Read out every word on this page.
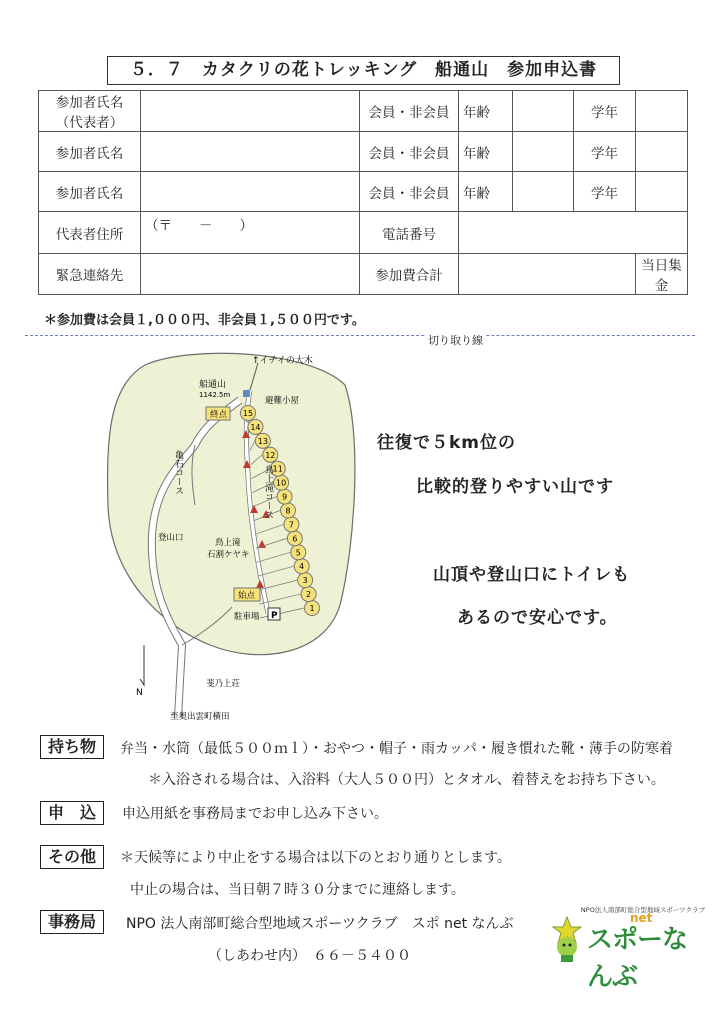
５．７　カタクリの花トレッキング　船通山　参加申込書
参加者氏名
（代表者）		会員・非会員	年齢		学年	
参加者氏名		会員・非会員	年齢		学年	
参加者氏名		会員・非会員	年齢		学年	
代表者住所	（〒　　－　　）	電話番号				
緊急連絡先		参加費合計				当日集金
＊参加費は会員１,０００円、非会員１,５００円です。
切り取り線
1
2
3
4
5
6
7
8
9
10
11
12
13
14
15
↑イチイの大木
船通山
1142.5m
避難小屋
終点
始点
駐車場 P
鳥上滝
石割ケヤキ
登山口
斐乃上荘
至奥出雲町横田
N
亀石コース	鳥上滝コース
往復で５km位の
比較的登りやすい山です
山頂や登山口にトイレも
あるので安心です。
持ち物	弁当・水筒（最低５００ｍｌ）・おやつ・帽子・雨カッパ・履き慣れた靴・薄手の防寒着
＊入浴される場合は、入浴料（大人５００円）とタオル、着替えをお持ち下さい。
申　込	申込用紙を事務局までお申し込み下さい。
その他	＊天候等により中止をする場合は以下のとおり通りとします。
中止の場合は、当日朝７時３０分までに連絡します。
事務局	NPO 法人南部町総合型地域スポーツクラブ　スポ net なんぶ
（しあわせ内）　６６－５４００
NPO法人南部町総合型地域スポーツクラブ
スポーなんぶ
net
